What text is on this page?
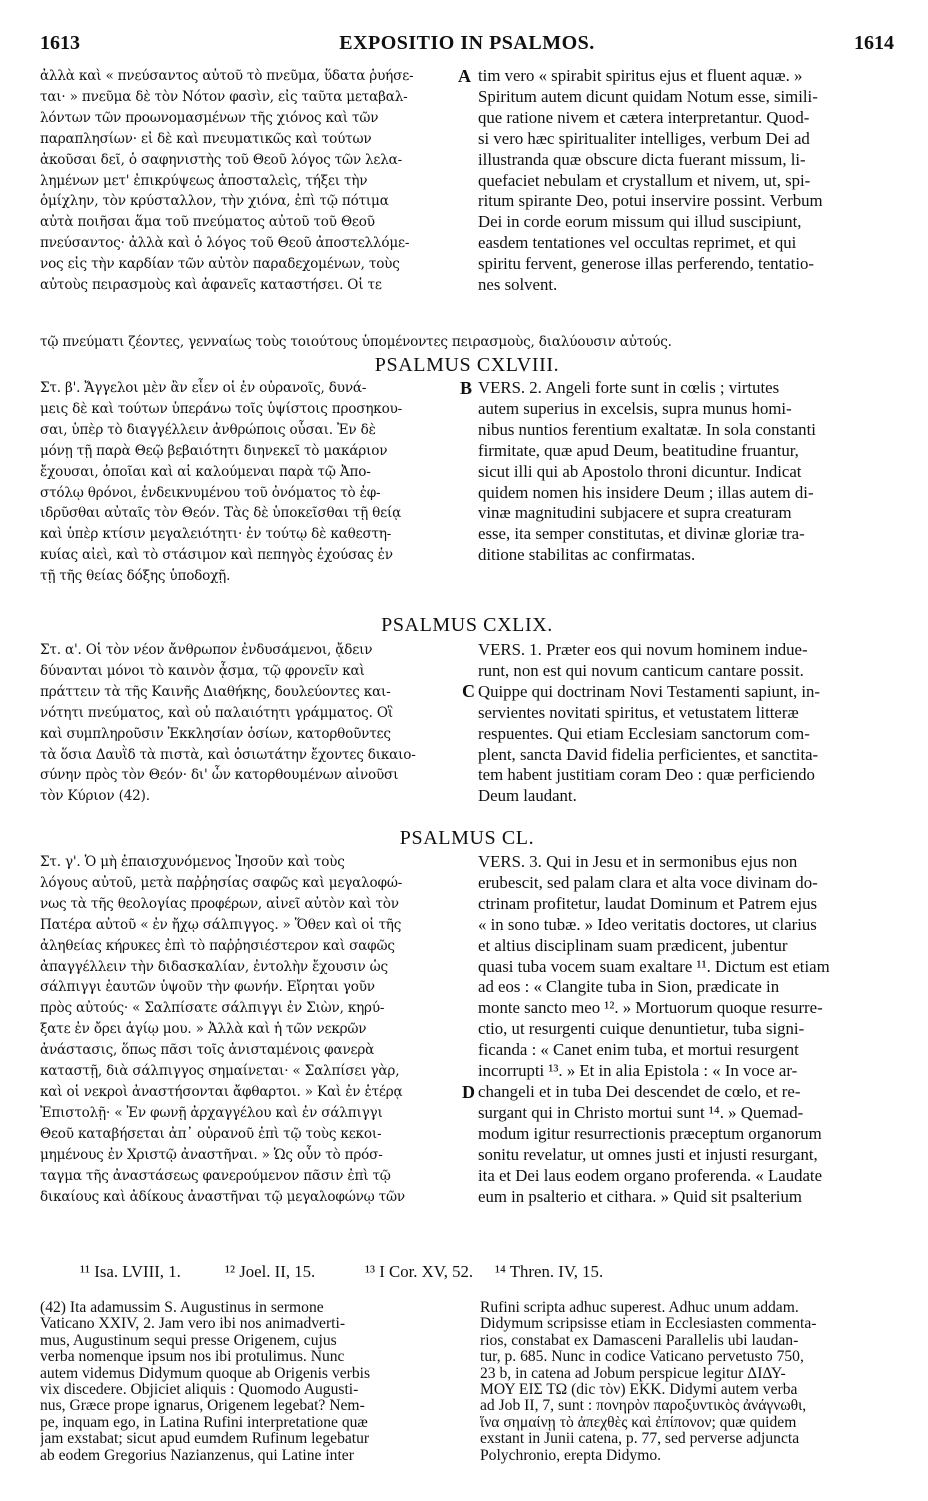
1613	EXPOSITIO IN PSALMOS.	1614
ἀλλὰ καὶ « πνεύσαντος αὐτοῦ τὸ πνεῦμα, ὕδατα ῥυήσε-
ται· » πνεῦμα δὲ τὸν Νότον φασὶν, εἰς ταῦτα μεταβαλ-
λόντων τῶν προωνομασμένων τῆς χιόνος καὶ τῶν
παραπλησίων· εἰ δὲ καὶ πνευματικῶς καὶ τούτων
ἀκοῦσαι δεῖ, ὁ σαφηνιστὴς τοῦ Θεοῦ λόγος τῶν λελα-
λημένων μετ' ἐπικρύψεως ἀποσταλεὶς, τήξει τὴν
ὁμίχλην, τὸν κρύσταλλον, τὴν χιόνα, ἐπὶ τῷ πότιμα
αὐτὰ ποιῆσαι ἅμα τοῦ πνεύματος αὐτοῦ τοῦ Θεοῦ
πνεύσαντος· ἀλλὰ καὶ ὁ λόγος τοῦ Θεοῦ ἀποστελλόμε-
νος εἰς τὴν καρδίαν τῶν αὐτὸν παραδεχομένων, τοὺς
αὐτοὺς πειρασμοὺς καὶ ἀφανεῖς καταστήσει. Οἱ τε
tim vero « spirabit spiritus ejus et fluent aquæ. »
Spiritum autem dicunt quidam Notum esse, simili-
que ratione nivem et cætera interpretantur. Quod-
si vero hæc spiritualiter intelliges, verbum Dei ad
illustranda quæ obscure dicta fuerant missum, li-
quefaciet nebulam et crystallum et nivem, ut, spi-
ritum spirante Deo, potui inservire possint. Verbum
Dei in corde eorum missum qui illud suscipiunt,
easdem tentationes vel occultas reprimet, et qui
spiritu fervent, generose illas perferendo, tentatio-
nes solvent.
A
τῷ πνεύματι ζέοντες, γενναίως τοὺς τοιούτους ὑπομένοντες πειρασμοὺς, διαλύουσιν αὐτούς.
PSALMUS CXLVIII.
Στ. β'. Ἄγγελοι μὲν ἂν εἶεν οἱ ἐν οὐρανοῖς, δυνά-
μεις δὲ καὶ τούτων ὑπεράνω τοῖς ὑψίστοις προσηκου-
σαι, ὑπὲρ τὸ διαγγέλλειν ἀνθρώποις οὖσαι. Ἐν δὲ
μόνῃ τῇ παρὰ Θεῷ βεβαιότητι διηνεκεῖ τὸ μακάριον
ἔχουσαι, ὁποῖαι καὶ αἱ καλούμεναι παρὰ τῷ Ἀπο-
στόλῳ θρόνοι, ἐνδεικνυμένου τοῦ ὀνόματος τὸ ἐφ-
ιδρῦσθαι αὐταῖς τὸν Θεόν. Τὰς δὲ ὑποκεῖσθαι τῇ θείᾳ
καὶ ὑπὲρ κτίσιν μεγαλειότητι· ἐν τούτῳ δὲ καθεστη-
κυίας αἰεὶ, καὶ τὸ στάσιμον καὶ πεπηγὸς ἐχούσας ἐν
τῇ τῆς θείας δόξης ὑποδοχῇ.
VERS. 2. Angeli forte sunt in cœlis ; virtutes
autem superius in excelsis, supra munus homi-
nibus nuntios ferentium exaltatæ. In sola constanti
firmitate, quæ apud Deum, beatitudine fruantur,
sicut illi qui ab Apostolo throni dicuntur. Indicat
quidem nomen his insidere Deum ; illas autem di-
vinæ magnitudini subjacere et supra creaturam
esse, ita semper constitutas, et divinæ gloriæ tra-
ditione stabilitas ac confirmatas.
B
PSALMUS CXLIX.
Στ. α'. Οἱ τὸν νέον ἄνθρωπον ἐνδυσάμενοι, ᾄδειν
δύνανται μόνοι τὸ καινὸν ᾆσμα, τῷ φρονεῖν καὶ
πράττειν τὰ τῆς Καινῆς Διαθήκης, δουλεύοντες και-
νότητι πνεύματος, καὶ οὐ παλαιότητι γράμματος. Οἳ
καὶ συμπληροῦσιν Ἐκκλησίαν ὁσίων, κατορθοῦντες
τὰ ὅσια Δαυῒδ τὰ πιστὰ, καὶ ὁσιωτάτην ἔχοντες δικαιο-
σύνην πρὸς τὸν Θεόν· δι' ὧν κατορθουμένων αἰνοῦσι
τὸν Κύριον (42).
VERS. 1. Præter eos qui novum hominem indue-
runt, non est qui novum canticum cantare possit.
Quippe qui doctrinam Novi Testamenti sapiunt, in-
servientes novitati spiritus, et vetustatem litteræ
respuentes. Qui etiam Ecclesiam sanctorum com-
plent, sancta David fidelia perficientes, et sanctita-
tem habent justitiam coram Deo : quæ perficiendo
Deum laudant.
C
PSALMUS CL.
Στ. γ'. Ὁ μὴ ἐπαισχυνόμενος Ἰησοῦν καὶ τοὺς
λόγους αὐτοῦ, μετὰ παῤῥησίας σαφῶς καὶ μεγαλοφώ-
νως τὰ τῆς θεολογίας προφέρων, αἰνεῖ αὐτὸν καὶ τὸν
Πατέρα αὐτοῦ « ἐν ἤχῳ σάλπιγγος. » Ὅθεν καὶ οἱ τῆς
ἀληθείας κήρυκες ἐπὶ τὸ παῤῥησιέστερον καὶ σαφῶς
ἀπαγγέλλειν τὴν διδασκαλίαν, ἐντολὴν ἔχουσιν ὡς
σάλπιγγι ἑαυτῶν ὑψοῦν τὴν φωνήν. Εἴρηται γοῦν
πρὸς αὐτούς· « Σαλπίσατε σάλπιγγι ἐν Σιὼν, κηρύ-
ξατε ἐν ὄρει ἁγίῳ μου. » Ἀλλὰ καὶ ἡ τῶν νεκρῶν
ἀνάστασις, ὅπως πᾶσι τοῖς ἀνισταμένοις φανερὰ
καταστῇ, διὰ σάλπιγγος σημαίνεται· « Σαλπίσει γὰρ,
καὶ οἱ νεκροὶ ἀναστήσονται ἄφθαρτοι. » Καὶ ἐν ἑτέρᾳ
Ἐπιστολῇ· « Ἐν φωνῇ ἀρχαγγέλου καὶ ἐν σάλπιγγι
Θεοῦ καταβήσεται ἀπ᾽ οὐρανοῦ ἐπὶ τῷ τοὺς κεκοι-
μημένους ἐν Χριστῷ ἀναστῆναι. » Ὡς οὖν τὸ πρόσ-
ταγμα τῆς ἀναστάσεως φανερούμενον πᾶσιν ἐπὶ τῷ
δικαίους καὶ ἀδίκους ἀναστῆναι τῷ μεγαλοφώνῳ τῶν
VERS. 3. Qui in Jesu et in sermonibus ejus non
erubescit, sed palam clara et alta voce divinam do-
ctrinam profitetur, laudat Dominum et Patrem ejus
« in sono tubæ. » Ideo veritatis doctores, ut clarius
et altius disciplinam suam prædicent, jubentur
quasi tuba vocem suam exaltare ¹¹. Dictum est etiam
ad eos : « Clangite tuba in Sion, prædicate in
monte sancto meo ¹². » Mortuorum quoque resurre-
ctio, ut resurgenti cuique denuntietur, tuba signi-
ficanda : « Canet enim tuba, et mortui resurgent
incorrupti ¹³. » Et in alia Epistola : « In voce ar-
changeli et in tuba Dei descendet de cœlo, et re-
surgant qui in Christo mortui sunt ¹⁴. » Quemad-
modum igitur resurrectionis præceptum organorum
sonitu revelatur, ut omnes justi et injusti resurgant,
ita et Dei laus eodem organo proferenda. « Laudate
eum in psalterio et cithara. » Quid sit psalterium
D
¹¹ Isa. LVIII, 1.	¹² Joel. II, 15.	¹³ I Cor. XV, 52. ¹⁴ Thren. IV, 15.
(42) Ita adamussim S. Augustinus in sermone
Vaticano XXIV, 2. Jam vero ibi nos animadverti-
mus, Augustinum sequi presse Origenem, cujus
verba nomenque ipsum nos ibi protulimus. Nunc
autem videmus Didymum quoque ab Origenis verbis
vix discedere. Objiciet aliquis : Quomodo Augusti-
nus, Græce prope ignarus, Origenem legebat? Nem-
pe, inquam ego, in Latina Rufini interpretatione quæ
jam exstabat; sicut apud eumdem Rufinum legebatur
ab eodem Gregorius Nazianzenus, qui Latine inter
Rufini scripta adhuc superest. Adhuc unum addam.
Didymum scripsisse etiam in Ecclesiasten commenta-
rios, constabat ex Damasceni Parallelis ubi laudan-
tur, p. 685. Nunc in codice Vaticano pervetusto 750,
23 b, in catena ad Jobum perspicue legitur ΔΙΔΥ-
ΜΟΥ ΕΙΣ ΤΩ (dic τὸν) ΕΚΚ. Didymi autem verba
ad Job II, 7, sunt : πονηρὸν παροξυντικὸς ἀνάγνωθι,
ἵνα σημαίνῃ τὸ ἀπεχθὲς καὶ ἐπίπονον; quæ quidem
exstant in Junii catena, p. 77, sed perverse adjuncta
Polychronio, erepta Didymo.
